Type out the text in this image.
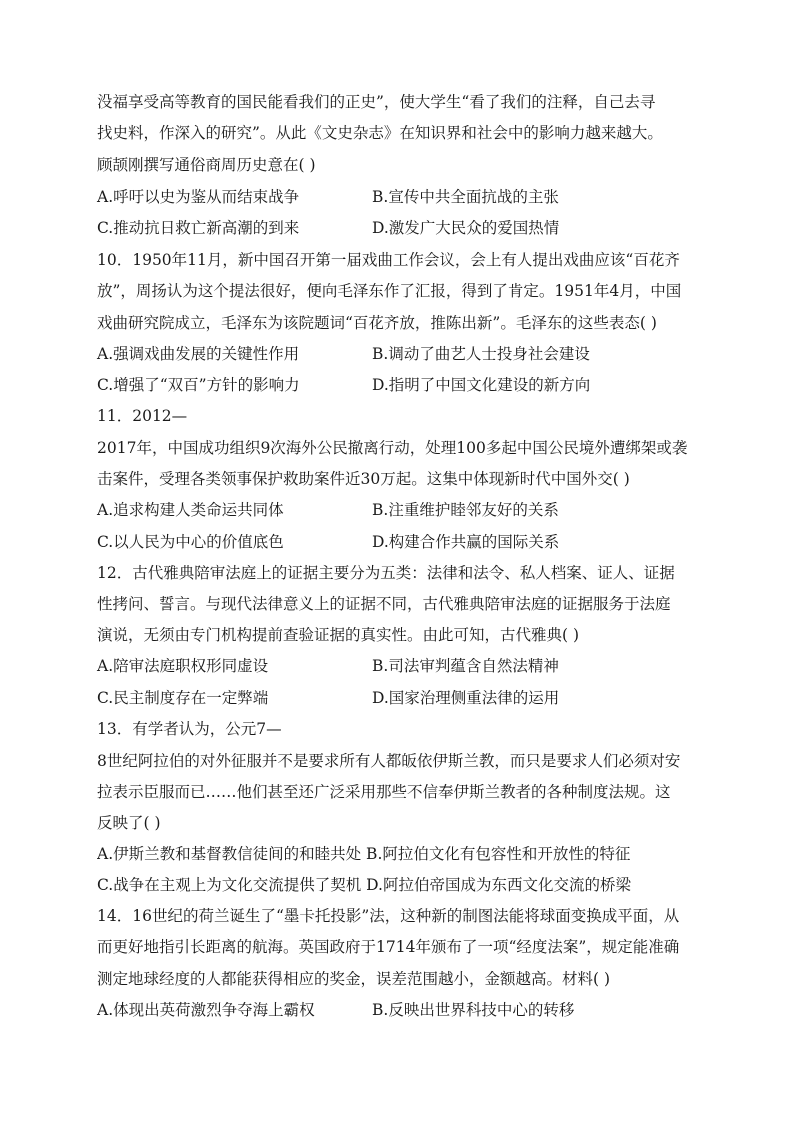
没福享受高等教育的国民能看我们的正史”，使大学生“看了我们的注释，自己去寻
找史料，作深入的研究”。从此《文史杂志》在知识界和社会中的影响力越来越大。
顾颉刚撰写通俗商周历史意在( )
A.呼吁以史为鉴从而结束战争	B.宣传中共全面抗战的主张
C.推动抗日救亡新高潮的到来	D.激发广大民众的爱国热情
10．1950年11月，新中国召开第一届戏曲工作会议，会上有人提出戏曲应该“百花齐
放”，周扬认为这个提法很好，便向毛泽东作了汇报，得到了肯定。1951年4月，中国
戏曲研究院成立，毛泽东为该院题词“百花齐放，推陈出新”。毛泽东的这些表态( )
A.强调戏曲发展的关键性作用	B.调动了曲艺人士投身社会建设
C.增强了“双百”方针的影响力	D.指明了中国文化建设的新方向
11．2012—
2017年，中国成功组织9次海外公民撤离行动，处理100多起中国公民境外遭绑架或袭
击案件，受理各类领事保护救助案件近30万起。这集中体现新时代中国外交( )
A.追求构建人类命运共同体	B.注重维护睦邻友好的关系
C.以人民为中心的价值底色	D.构建合作共赢的国际关系
12．古代雅典陪审法庭上的证据主要分为五类：法律和法令、私人档案、证人、证据
性拷问、誓言。与现代法律意义上的证据不同，古代雅典陪审法庭的证据服务于法庭
演说，无须由专门机构提前查验证据的真实性。由此可知，古代雅典( )
A.陪审法庭职权形同虚设	B.司法审判蕴含自然法精神
C.民主制度存在一定弊端	D.国家治理侧重法律的运用
13．有学者认为，公元7—
8世纪阿拉伯的对外征服并不是要求所有人都皈依伊斯兰教，而只是要求人们必须对安
拉表示臣服而已……他们甚至还广泛采用那些不信奉伊斯兰教者的各种制度法规。这
反映了( )
A.伊斯兰教和基督教信徒间的和睦共处 B.阿拉伯文化有包容性和开放性的特征
C.战争在主观上为文化交流提供了契机 D.阿拉伯帝国成为东西文化交流的桥梁
14．16世纪的荷兰诞生了“墨卡托投影”法，这种新的制图法能将球面变换成平面，从
而更好地指引长距离的航海。英国政府于1714年颁布了一项“经度法案”，规定能准确
测定地球经度的人都能获得相应的奖金，误差范围越小，金额越高。材料( )
A.体现出英荷激烈争夺海上霸权	B.反映出世界科技中心的转移
